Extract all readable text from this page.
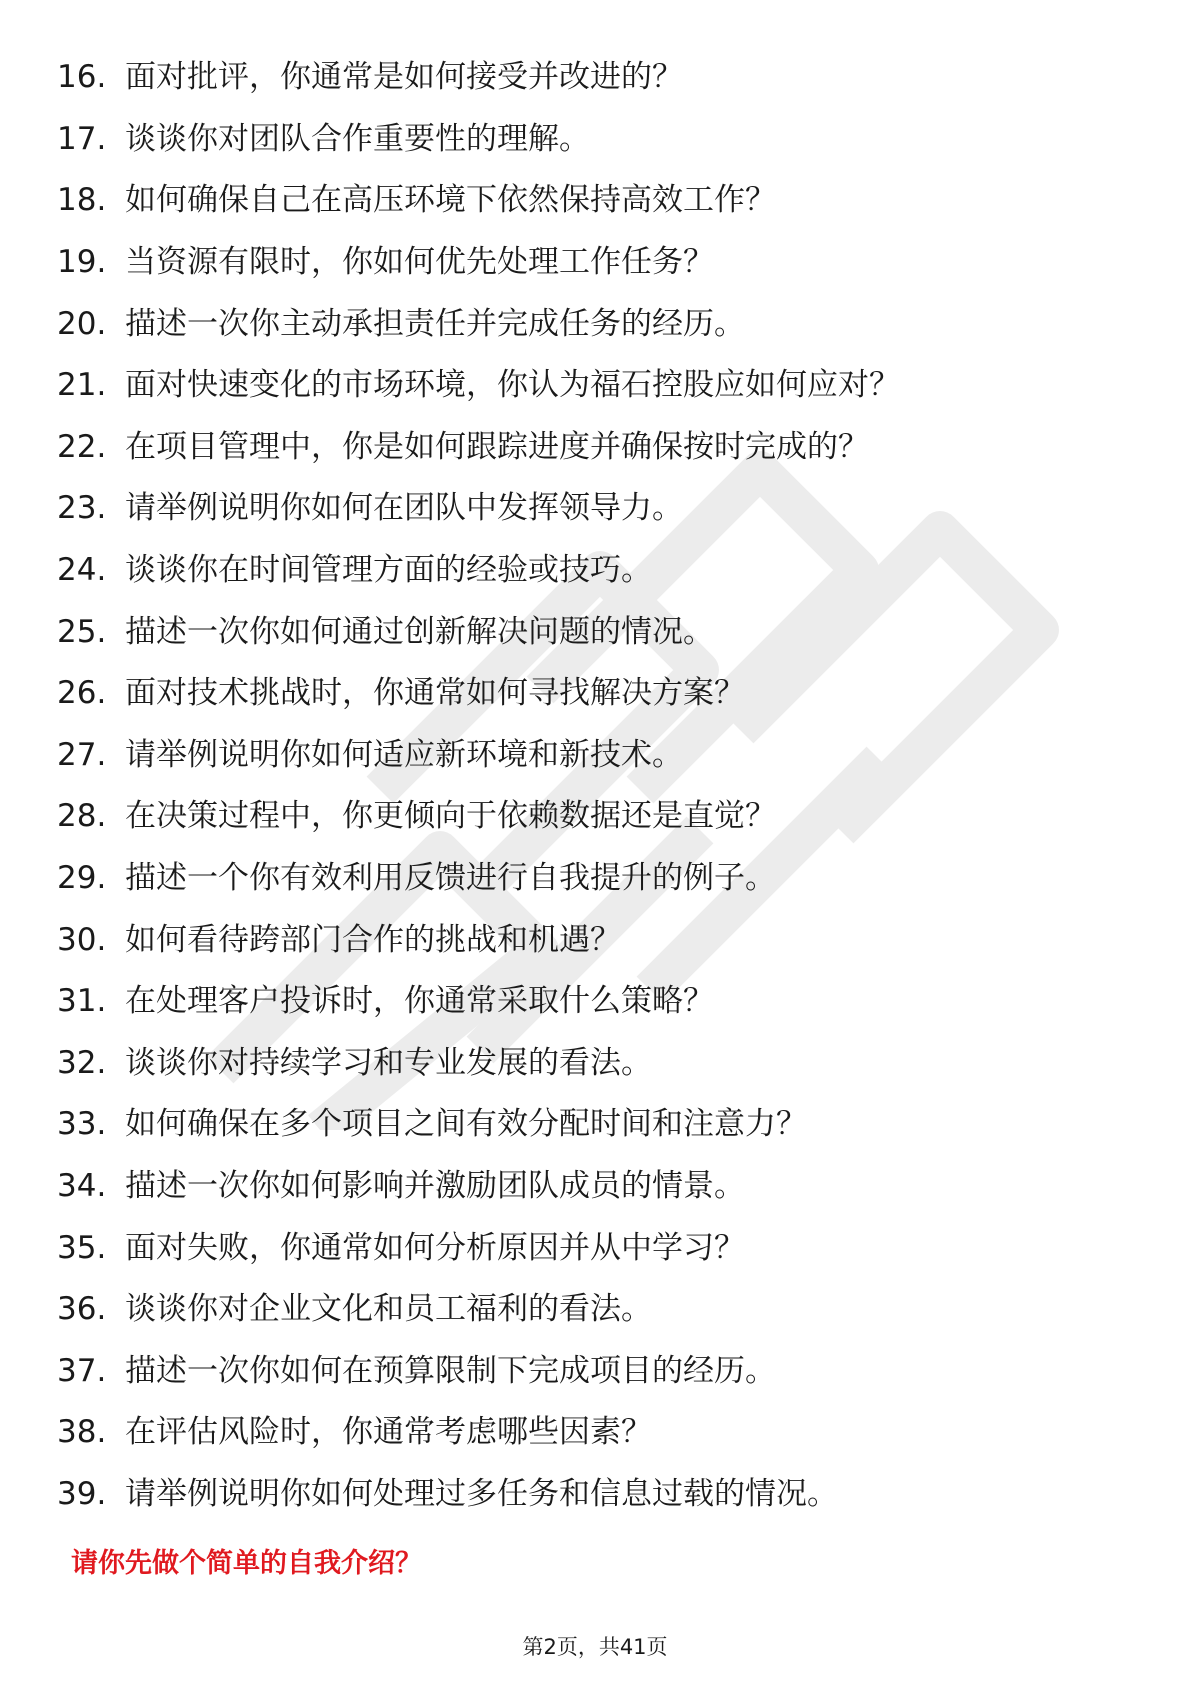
16. 面对批评，你通常是如何接受并改进的？
17. 谈谈你对团队合作重要性的理解。
18. 如何确保自己在高压环境下依然保持高效工作？
19. 当资源有限时，你如何优先处理工作任务？
20. 描述一次你主动承担责任并完成任务的经历。
21. 面对快速变化的市场环境，你认为福石控股应如何应对？
22. 在项目管理中，你是如何跟踪进度并确保按时完成的？
23. 请举例说明你如何在团队中发挥领导力。
24. 谈谈你在时间管理方面的经验或技巧。
25. 描述一次你如何通过创新解决问题的情况。
26. 面对技术挑战时，你通常如何寻找解决方案？
27. 请举例说明你如何适应新环境和新技术。
28. 在决策过程中，你更倾向于依赖数据还是直觉？
29. 描述一个你有效利用反馈进行自我提升的例子。
30. 如何看待跨部门合作的挑战和机遇？
31. 在处理客户投诉时，你通常采取什么策略？
32. 谈谈你对持续学习和专业发展的看法。
33. 如何确保在多个项目之间有效分配时间和注意力？
34. 描述一次你如何影响并激励团队成员的情景。
35. 面对失败，你通常如何分析原因并从中学习？
36. 谈谈你对企业文化和员工福利的看法。
37. 描述一次你如何在预算限制下完成项目的经历。
38. 在评估风险时，你通常考虑哪些因素？
39. 请举例说明你如何处理过多任务和信息过载的情况。
请你先做个简单的自我介绍？
第2页，共41页
